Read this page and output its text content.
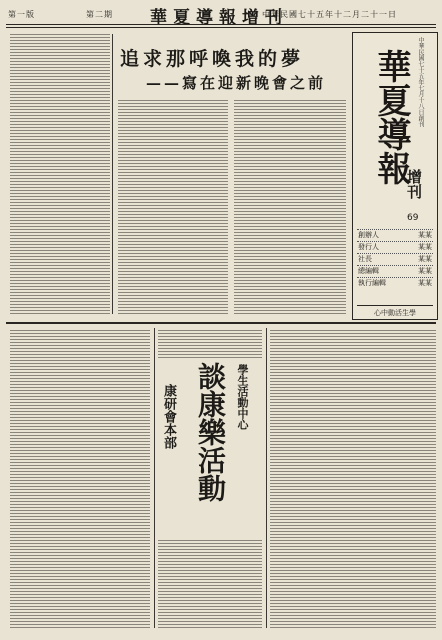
第一版	第二期 華夏導報增刊
中華民國七十五年十二月二十一日
中華民國七十五年七月十八日創刊
華夏導報
增刊
69
創辦人	某某
發行人	某某
社長	某某
總編輯	某某
執行編輯	某某
心中動活生學
追求那呼喚我的夢
——寫在迎新晚會之前
學生活動中心
談康樂活動
康研會本部
